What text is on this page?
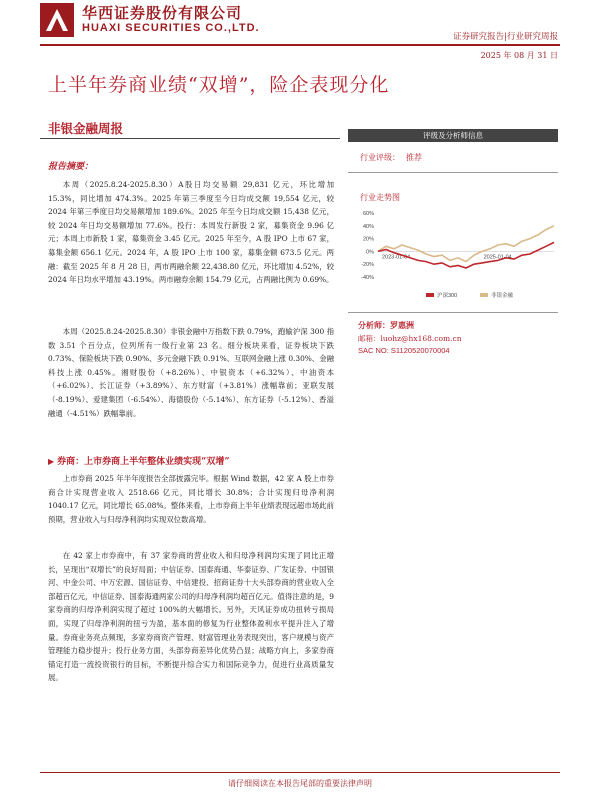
华西证券股份有限公司
HUAXI SECURITIES CO.,LTD.
证券研究报告|行业研究周报
2025 年 08 月 31 日
上半年券商业绩“双增”，险企表现分化
非银金融周报
报告摘要：

本周（2025.8.24-2025.8.30）A股日均交易额 29,831 亿元，环比增加 15.3%，同比增加 474.3%。2025 年第三季度至今日均成交额 19,554 亿元，较 2024 年第三季度日均交易额增加 189.6%。2025 年至今日均成交额 15,438 亿元，较 2024 年日均交易额增加 77.6%。投行：本周发行新股 2 家，募集资金 9.96 亿元；本周上市新股 1 家，募集资金 3.45 亿元。2025 年至今，A 股 IPO 上市 67 家，募集金额 656.1 亿元。2024 年，A 股 IPO 上市 100 家，募集金额 673.5 亿元。两融：截至 2025 年 8 月 28 日，两市两融余额 22,438.80 亿元，环比增加 4.52%，较 2024 年日均水平增加 43.19%。两市融券余额 154.79 亿元，占两融比例为 0.69%。

本周（2025.8.24-2025.8.30）非银金融中万指数下跌 0.79%，跑输沪深 300 指数 3.51 个百分点，位列所有一级行业第 23 名。细分板块来看，证券板块下跌 0.73%、保险板块下跌 0.90%、多元金融下跌 0.91%、互联网金融上涨 0.30%、金融科技上涨 0.45%。湘财股份（+8.26%）、中银资本（+6.32%）、中油资本（+6.02%）、长江证券（+3.89%）、东方财富（+3.81%）涨幅靠前；亚联发展（-8.19%）、爱建集团（-6.54%）、海德股份（-5.14%）、东方证券（-5.12%）、香溢融通（-4.51%）跌幅靠前。

▶ 券商：上市券商上半年整体业绩实现“双增”

上市券商 2025 年半年度报告全部披露完毕。根据 Wind 数据，42 家 A 股上市券商合计实现营业收入 2518.66 亿元，同比增长 30.8%；合计实现归母净利润 1040.17 亿元，同比增长 65.08%。整体来看，上市券商上半年业绩表现远超市场此前预期，营业收入与归母净利润均实现双位数高增。

在 42 家上市券商中，有 37 家券商的营业收入和归母净利润均实现了同比正增长，呈现出“双增长”的良好局面；中信证券、国泰海通、华泰证券、广发证券、中国银河、中金公司、中万宏源、国信证券、中信建投、招商证券十大头部券商的营业收入全部超百亿元，中信证券、国泰海通两家公司的归母净利润均超百亿元。值得注意的是，9 家券商的归母净利润实现了超过 100%的大幅增长。另外，天风证券成功扭转亏损局面，实现了归母净利润的扭亏为盈，基本面的修复为行业整体盈利水平提升注入了增量。券商业务亮点频现，多家券商资产管理、财富管理业务表现突出，客户规模与资产管理能力稳步提升；投行业务方面，头部券商差异化优势凸显；战略方向上，多家券商锚定打造一流投资银行的目标，不断提升综合实力和国际竞争力，促进行业高质量发展。

评级及分析师信息
行业评级： 推荐
行业走势图
60%
40%
20%
0%
-20%
-40%
2023-01-04	2025-01-04
沪深300	非银金融
分析师：罗惠洲
邮箱：luohz@hx168.com.cn
SAC NO: S1120520070004
请仔细阅读在本报告尾部的重要法律声明
